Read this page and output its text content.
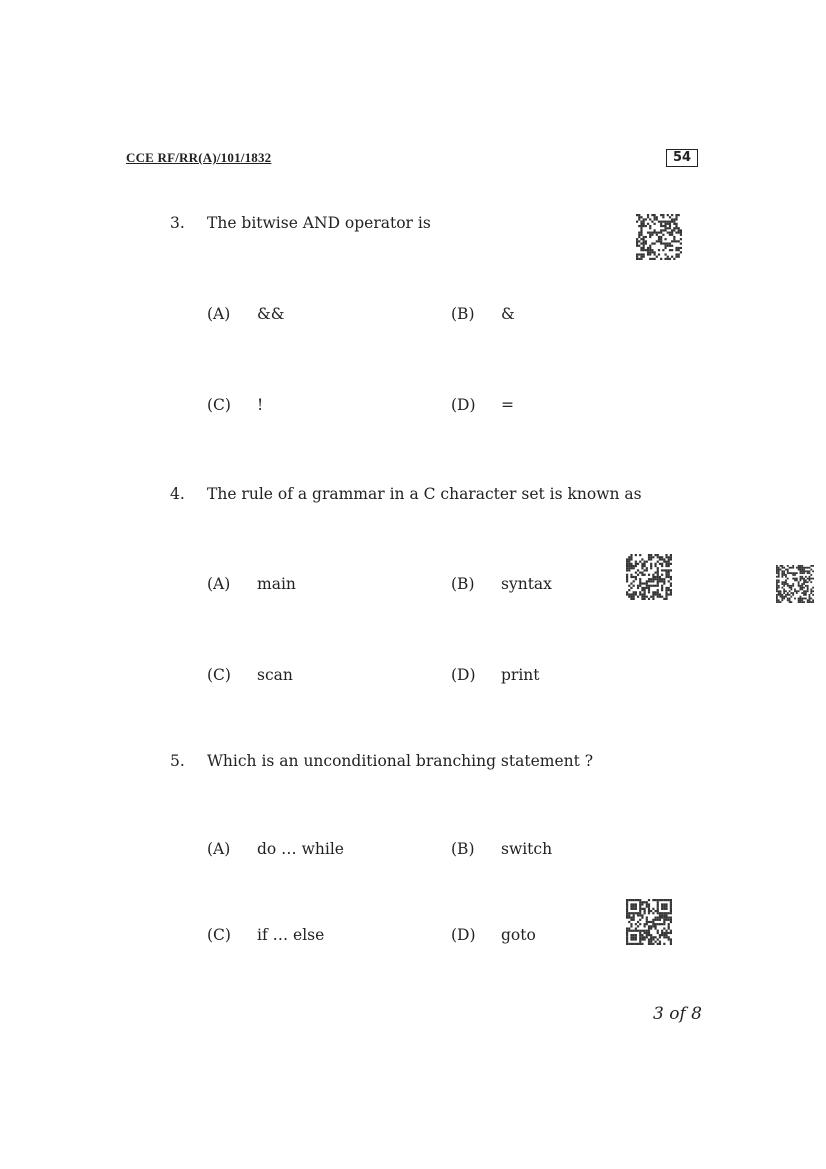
CCE RF/RR(A)/101/1832	54
3. The bitwise AND operator is
(A) &&	(B) &
(C) !	(D) =
4. The rule of a grammar in a C character set is known as
(A) main	(B) syntax
(C) scan	(D) print
5. Which is an unconditional branching statement ?
(A) do … while	(B) switch
(C) if … else	(D) goto
3 of 8
